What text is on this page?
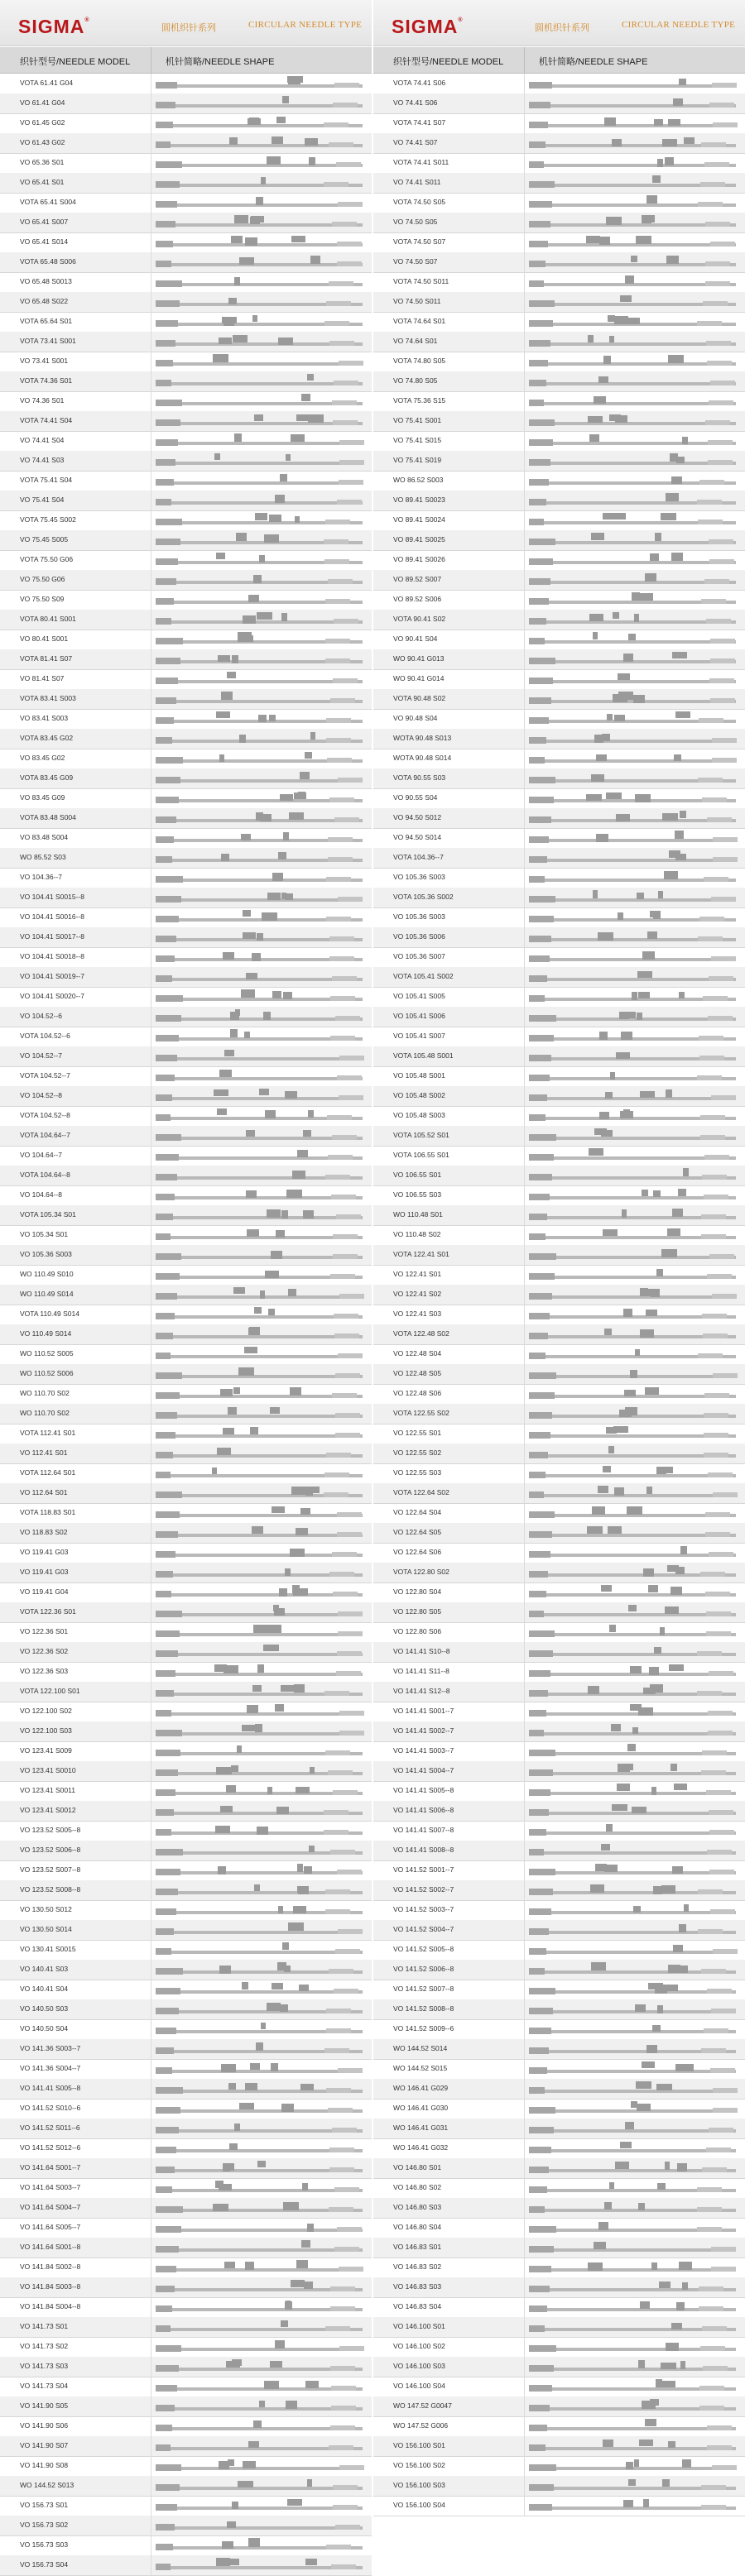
SIGMA®
圆机织针系列	CIRCULAR NEEDLE TYPE
织针型号/NEEDLE MODEL	机针简略/NEEDLE SHAPE
VOTA 61.41 G04
VO 61.41 G04
VO 61.45 G02
VO 61.43 G02
VO 65.36 S01
VO 65.41 S01
VOTA 65.41 S004
VO 65.41 S007
VO 65.41 S014
VOTA 65.48 S006
VO 65.48 S0013
VO 65.48 S022
VOTA 65.64 S01
VOTA 73.41 S001
VO 73.41 S001
VOTA 74.36 S01
VO 74.36 S01
VOTA 74.41 S04
VO 74.41 S04
VO 74.41 S03
VOTA 75.41 S04
VO 75.41 S04
VOTA 75.45 S002
VO 75.45 S005
VOTA 75.50 G06
VO 75.50 G06
VO 75.50 S09
VOTA 80.41 S001
VO 80.41 S001
VOTA 81.41 S07
VO 81.41 S07
VOTA 83.41 S003
VO 83.41 S003
VOTA 83.45 G02
VO 83.45 G02
VOTA 83.45 G09
VO 83.45 G09
VOTA 83.48 S004
VO 83.48 S004
WO 85.52 S03
VO 104.36--7
VO 104.41 S0015--8
VO 104.41 S0016--8
VO 104.41 S0017--8
VO 104.41 S0018--8
VO 104.41 S0019--7
VO 104.41 S0020--7
VO 104.52--6
VOTA 104.52--6
VO 104.52--7
VOTA 104.52--7
VO 104.52--8
VOTA 104.52--8
VOTA 104.64--7
VO 104.64--7
VOTA 104.64--8
VO 104.64--8
VOTA 105.34 S01
VO 105.34 S01
VO 105.36 S003
WO 110.49 S010
WO 110.49 S014
VOTA 110.49 S014
VO 110.49 S014
WO 110.52 S005
WO 110.52 S006
WO 110.70 S02
WO 110.70 S02
VOTA 112.41 S01
VO 112.41 S01
VOTA 112.64 S01
VO 112.64 S01
VOTA 118.83 S01
VO 118.83 S02
VO 119.41 G03
VO 119.41 G03
VO 119.41 G04
VOTA 122.36 S01
VO 122.36 S01
VO 122.36 S02
VO 122.36 S03
VOTA 122.100 S01
VO 122.100 S02
VO 122.100 S03
VO 123.41 S009
VO 123.41 S0010
VO 123.41 S0011
VO 123.41 S0012
VO 123.52 S005--8
VO 123.52 S006--8
VO 123.52 S007--8
VO 123.52 S008--8
VO 130.50 S012
VO 130.50 S014
VO 130.41 S0015
VO 140.41 S03
VO 140.41 S04
VO 140.50 S03
VO 140.50 S04
VO 141.36 S003--7
VO 141.36 S004--7
VO 141.41 S005--8
VO 141.52 S010--6
VO 141.52 S011--6
VO 141.52 S012--6
VO 141.64 S001--7
VO 141.64 S003--7
VO 141.64 S004--7
VO 141.64 S005--7
VO 141.64 S001--8
VO 141.84 S002--8
VO 141.84 S003--8
VO 141.84 S004--8
VO 141.73 S01
VO 141.73 S02
VO 141.73 S03
VO 141.73 S04
VO 141.90 S05
VO 141.90 S06
VO 141.90 S07
VO 141.90 S08
WO 144.52 S013
VO 156.73 S01
VO 156.73 S02
VO 156.73 S03
VO 156.73 S04
SIGMA®
圆机织针系列	CIRCULAR NEEDLE TYPE
织针型号/NEEDLE MODEL	机针简略/NEEDLE SHAPE
VOTA 74.41 S06
VO 74.41 S06
VOTA 74.41 S07
VO 74.41 S07
VOTA 74.41 S011
VO 74.41 S011
VOTA 74.50 S05
VO 74.50 S05
VOTA 74.50 S07
VO 74.50 S07
VOTA 74.50 S011
VO 74.50 S011
VOTA 74.64 S01
VO 74.64 S01
VOTA 74.80 S05
VO 74.80 S05
VOTA 75.36 S15
VO 75.41 S001
VO 75.41 S015
VO 75.41 S019
WO 86.52 S003
VO 89.41 S0023
VO 89.41 S0024
VO 89.41 S0025
VO 89.41 S0026
VO 89.52 S007
VO 89.52 S006
VOTA 90.41 S02
VO 90.41 S04
WO 90.41 G013
WO 90.41 G014
VOTA 90.48 S02
VO 90.48 S04
WOTA 90.48 S013
WOTA 90.48 S014
VOTA 90.55 S03
VO 90.55 S04
VO 94.50 S012
VO 94.50 S014
VOTA 104.36--7
VO 105.36 S003
VOTA 105.36 S002
VO 105.36 S003
VO 105.36 S006
VO 105.36 S007
VOTA 105.41 S002
VO 105.41 S005
VO 105.41 S006
VO 105.41 S007
VOTA 105.48 S001
VO 105.48 S001
VO 105.48 S002
VO 105.48 S003
VOTA 105.52 S01
VOTA 106.55 S01
VO 106.55 S01
VO 106.55 S03
WO 110.48 S01
VO 110.48 S02
VOTA 122.41 S01
VO 122.41 S01
VO 122.41 S02
VO 122.41 S03
VOTA 122.48 S02
VO 122.48 S04
VO 122.48 S05
VO 122.48 S06
VOTA 122.55 S02
VO 122.55 S01
VO 122.55 S02
VO 122.55 S03
VOTA 122.64 S02
VO 122.64 S04
VO 122.64 S05
VO 122.64 S06
VOTA 122.80 S02
VO 122.80 S04
VO 122.80 S05
VO 122.80 S06
VO 141.41 S10--8
VO 141.41 S11--8
VO 141.41 S12--8
VO 141.41 S001--7
VO 141.41 S002--7
VO 141.41 S003--7
VO 141.41 S004--7
VO 141.41 S005--8
VO 141.41 S006--8
VO 141.41 S007--8
VO 141.41 S008--8
VO 141.52 S001--7
VO 141.52 S002--7
VO 141.52 S003--7
VO 141.52 S004--7
VO 141.52 S005--8
VO 141.52 S006--8
VO 141.52 S007--8
VO 141.52 S008--8
VO 141.52 S009--6
WO 144.52 S014
WO 144.52 S015
WO 146.41 G029
WO 146.41 G030
WO 146.41 G031
WO 146.41 G032
VO 146.80 S01
VO 146.80 S02
VO 146.80 S03
VO 146.80 S04
VO 146.83 S01
VO 146.83 S02
VO 146.83 S03
VO 146.83 S04
VO 146.100 S01
VO 146.100 S02
VO 146.100 S03
VO 146.100 S04
WO 147.52 G0047
WO 147.52 G006
VO 156.100 S01
VO 156.100 S02
VO 156.100 S03
VO 156.100 S04
